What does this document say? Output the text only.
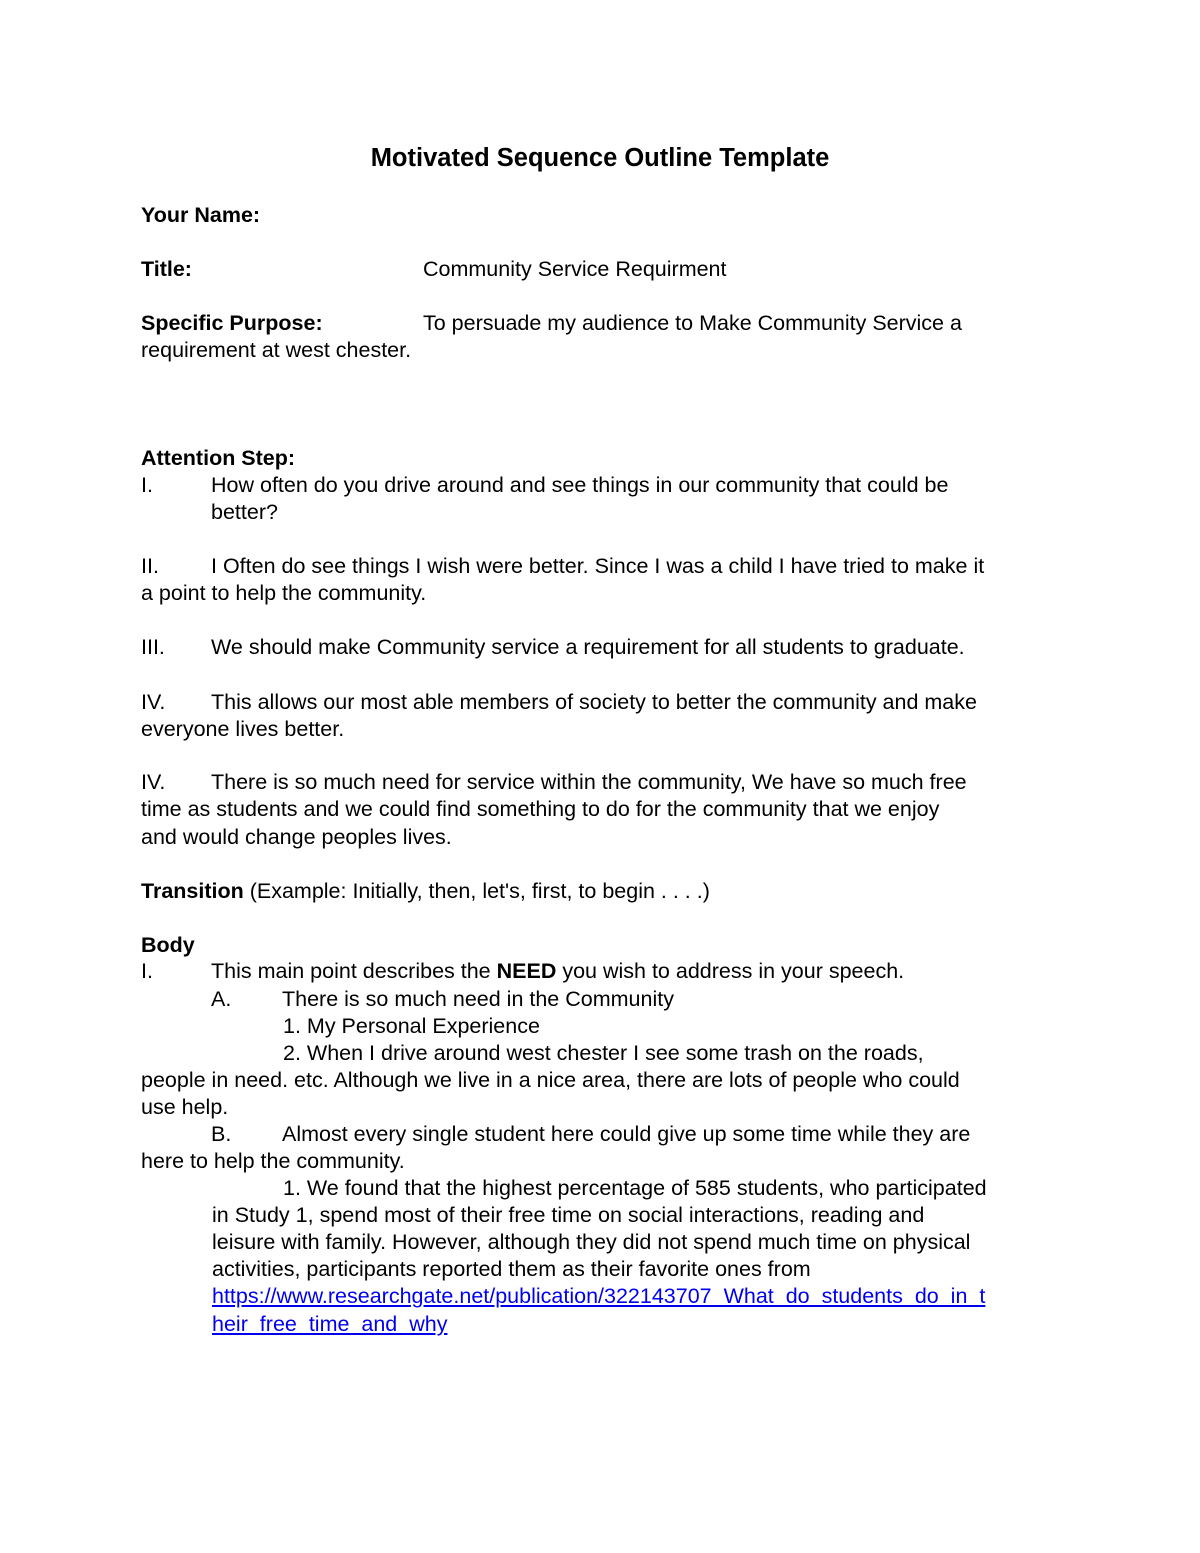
Motivated Sequence Outline Template
Your Name:
Title:	Community Service Requirment
Specific Purpose:	To persuade my audience to Make Community Service a
requirement at west chester.
Attention Step:
I.	How often do you drive around and see things in our community that could be
better?
II. I Often do see things I wish were better. Since I was a child I have tried to make it
a point to help the community.
III. We should make Community service a requirement for all students to graduate.
IV. This allows our most able members of society to better the community and make
everyone lives better.
IV. There is so much need for service within the community, We have so much free
time as students and we could find something to do for the community that we enjoy
and would change peoples lives.
Transition (Example: Initially, then, let's, first, to begin . . . .)
Body
I.	This main point describes the NEED you wish to address in your speech.
A. There is so much need in the Community
1. My Personal Experience
2. When I drive around west chester I see some trash on the roads,
people in need. etc. Although we live in a nice area, there are lots of people who could
use help.
B. Almost every single student here could give up some time while they are
here to help the community.
1. We found that the highest percentage of 585 students, who participated
in Study 1, spend most of their free time on social interactions, reading and
leisure with family. However, although they did not spend much time on physical
activities, participants reported them as their favorite ones from
https://www.researchgate.net/publication/322143707_What_do_students_do_in_t
heir_free_time_and_why
